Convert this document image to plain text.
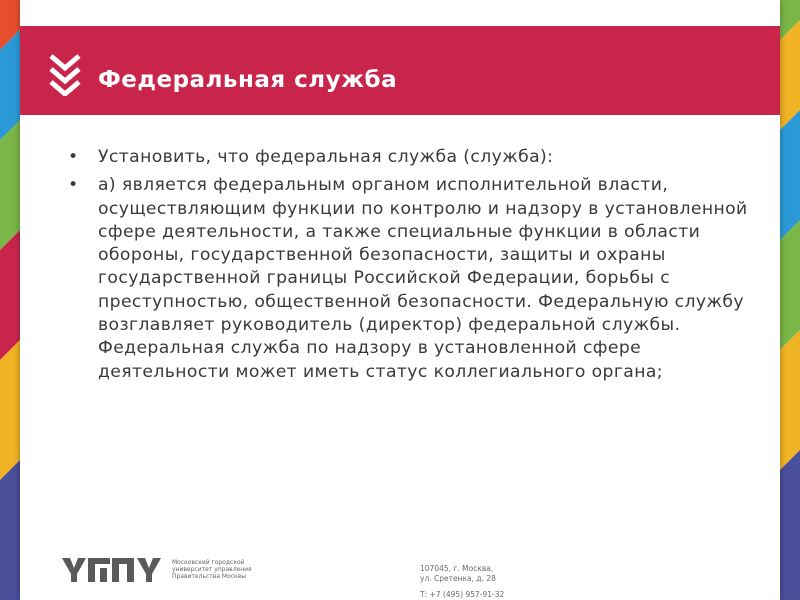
Федеральная служба
• Установить, что федеральная служба (служба):
• а) является федеральным органом исполнительной власти, осуществляющим функции по контролю и надзору в установленной сфере деятельности, а также специальные функции в области обороны, государственной безопасности, защиты и охраны государственной границы Российской Федерации, борьбы с преступностью, общественной безопасности. Федеральную службу возглавляет руководитель (директор) федеральной службы. Федеральная служба по надзору в установленной сфере деятельности может иметь статус коллегиального органа;
Московский городской университет управления Правительства Москвы
107045, г. Москва,
ул. Сретенка, д. 28
Т: +7 (495) 957-91-32
